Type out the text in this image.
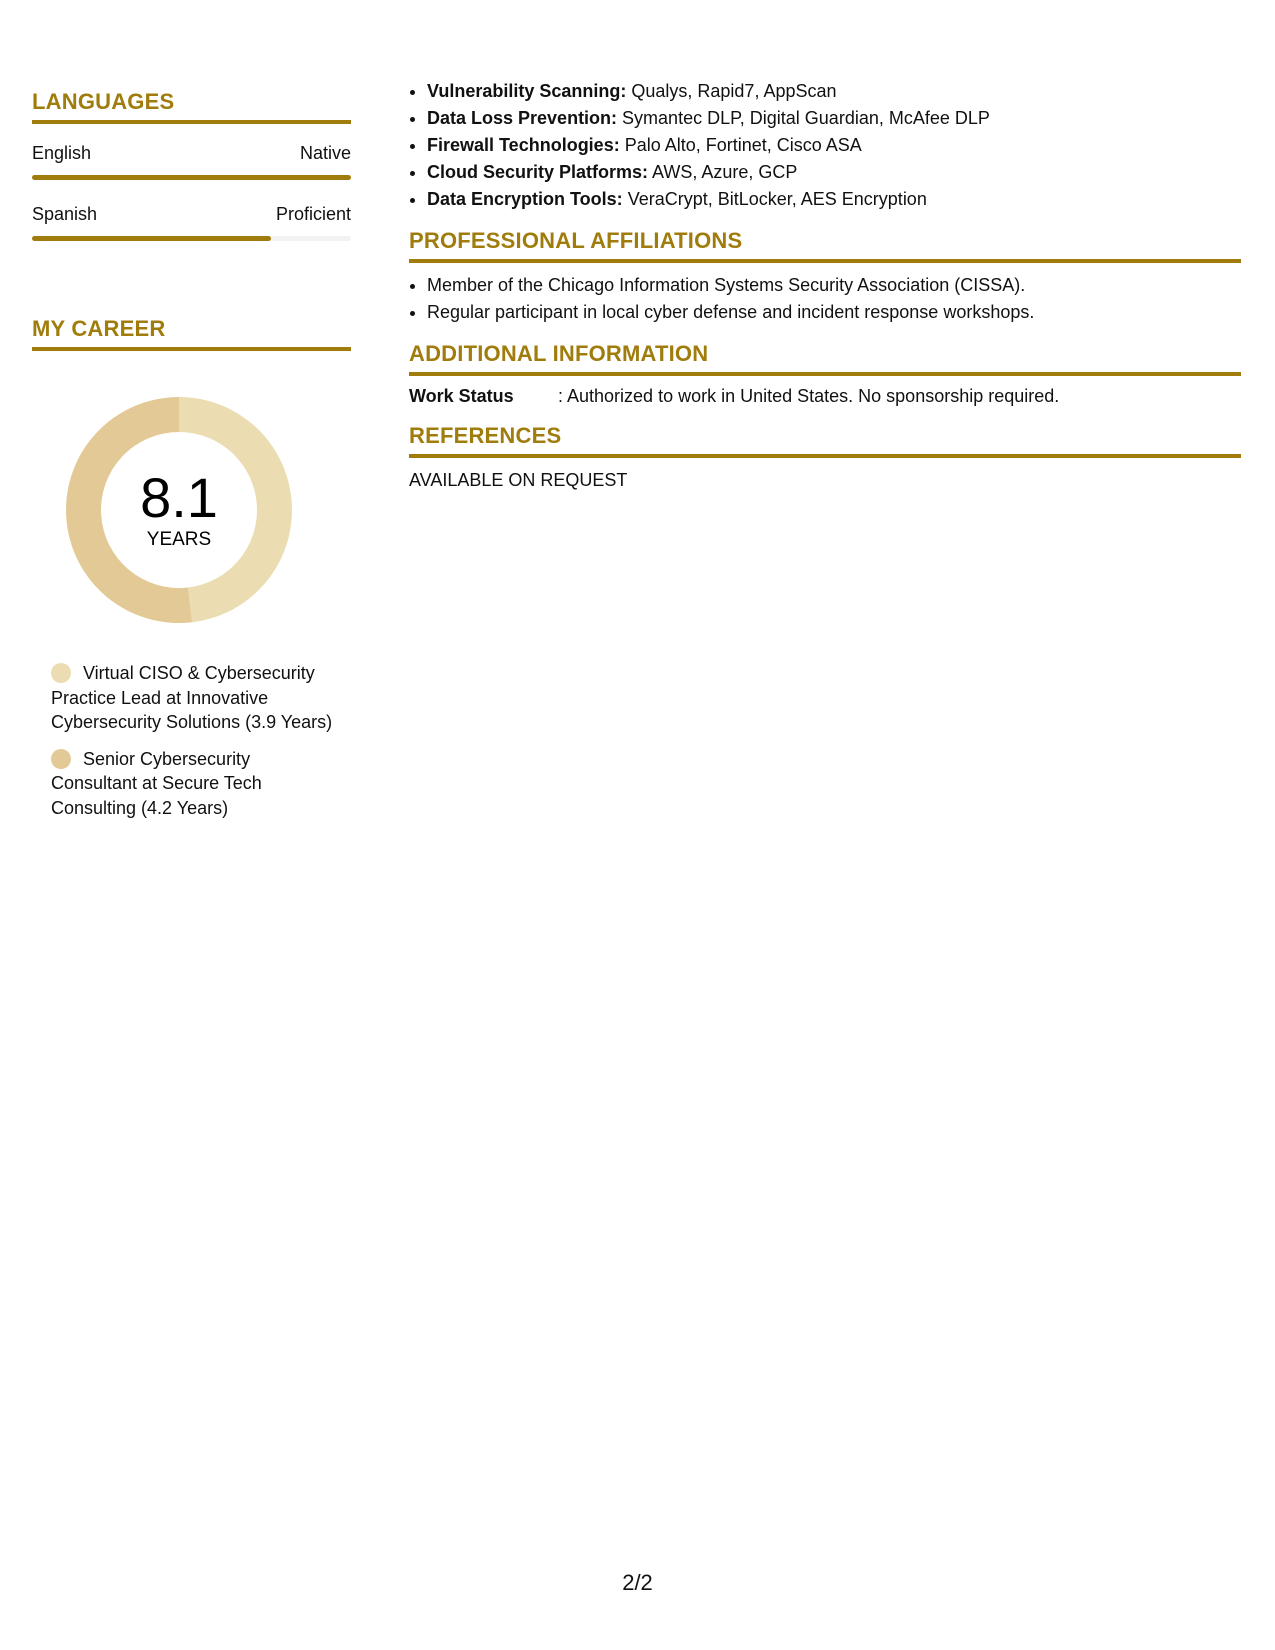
LANGUAGES
English	Native
Spanish	Proficient
MY CAREER
8.1
YEARS
Virtual CISO & Cybersecurity Practice Lead at Innovative Cybersecurity Solutions (3.9 Years)
Senior Cybersecurity Consultant at Secure Tech Consulting (4.2 Years)
• Vulnerability Scanning: Qualys, Rapid7, AppScan
• Data Loss Prevention: Symantec DLP, Digital Guardian, McAfee DLP
• Firewall Technologies: Palo Alto, Fortinet, Cisco ASA
• Cloud Security Platforms: AWS, Azure, GCP
• Data Encryption Tools: VeraCrypt, BitLocker, AES Encryption
PROFESSIONAL AFFILIATIONS
• Member of the Chicago Information Systems Security Association (CISSA).
• Regular participant in local cyber defense and incident response workshops.
ADDITIONAL INFORMATION
Work Status	: Authorized to work in United States. No sponsorship required.
REFERENCES
AVAILABLE ON REQUEST
2/2
